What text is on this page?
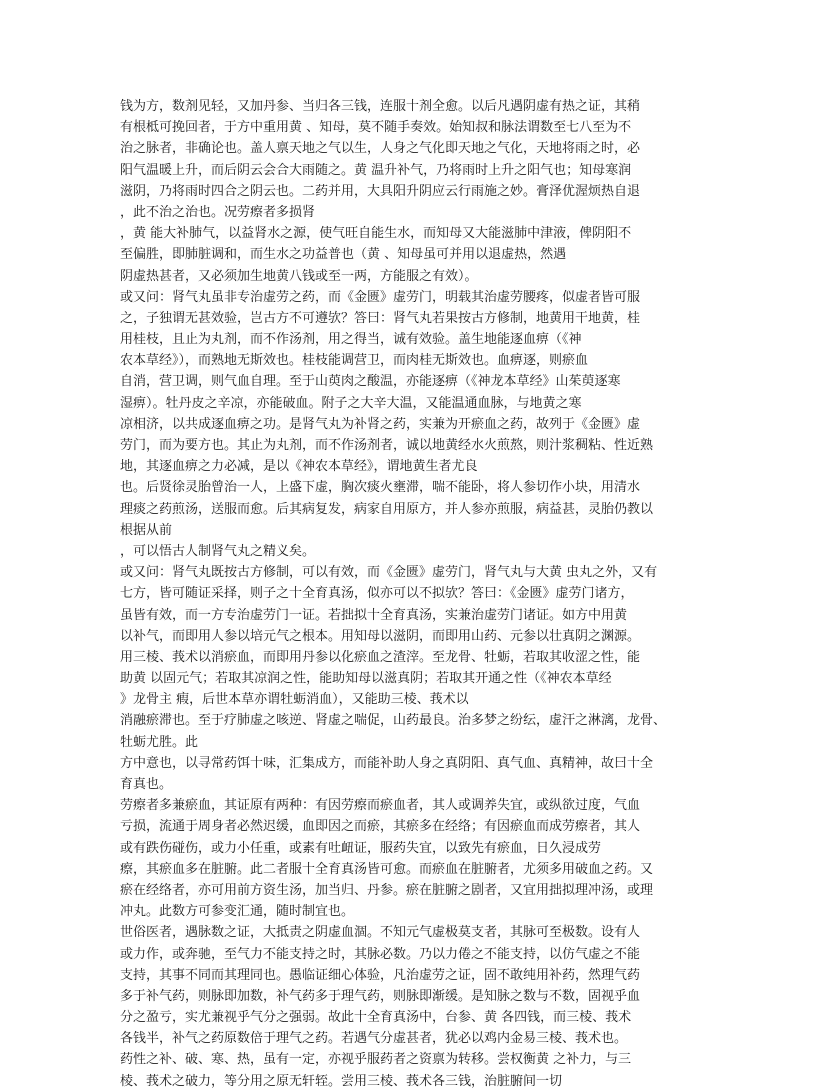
钱为方，数剂见轻，又加丹参、当归各三钱，连服十剂全愈。以后凡遇阴虚有热之证，其稍
有根柢可挽回者，于方中重用黄 、知母，莫不随手奏效。始知叔和脉法谓数至七八至为不
治之脉者，非确论也。盖人禀天地之气以生，人身之气化即天地之气化，天地将雨之时，必
阳气温暖上升，而后阴云会合大雨随之。黄 温升补气，乃将雨时上升之阳气也；知母寒润
滋阴，乃将雨时四合之阴云也。二药并用，大具阳升阴应云行雨施之妙。膏泽优渥烦热自退
，此不治之治也。况劳瘵者多损肾
，黄 能大补肺气，以益肾水之源，使气旺自能生水，而知母又大能滋肺中津液，俾阴阳不
至偏胜，即肺脏调和，而生水之功益普也（黄 、知母虽可并用以退虚热，然遇
阴虚热甚者，又必须加生地黄八钱或至一两，方能服之有效）。
或又问：肾气丸虽非专治虚劳之药，而《金匮》虚劳门，明载其治虚劳腰疼，似虚者皆可服
之，子独谓无甚效验，岂古方不可遵欤？答曰：肾气丸若果按古方修制，地黄用干地黄，桂
用桂枝，且止为丸剂，而不作汤剂，用之得当，诚有效验。盖生地能逐血痹（《神
农本草经》），而熟地无斯效也。桂枝能调营卫，而肉桂无斯效也。血痹逐，则瘀血
自消，营卫调，则气血自理。至于山萸肉之酸温，亦能逐痹（《神龙本草经》山茱萸逐寒
湿痹）。牡丹皮之辛凉，亦能破血。附子之大辛大温，又能温通血脉，与地黄之寒
凉相济，以共成逐血痹之功。是肾气丸为补肾之药，实兼为开瘀血之药，故列于《金匮》虚
劳门，而为要方也。其止为丸剂，而不作汤剂者，诚以地黄经水火煎熬，则汁浆稠粘、性近熟
地，其逐血痹之力必减，是以《神农本草经》，谓地黄生者尤良
也。后贤徐灵胎曾治一人，上盛下虚，胸次痰火壅滞，喘不能卧，将人参切作小块，用清水
理痰之药煎汤，送服而愈。后其病复发，病家自用原方，并人参亦煎服，病益甚，灵胎仍教以
根据从前
，可以悟古人制肾气丸之精义矣。
或又问：肾气丸既按古方修制，可以有效，而《金匮》虚劳门，肾气丸与大黄 虫丸之外，又有
七方，皆可随证采择，则子之十全育真汤，似亦可以不拟欤？答曰：《金匮》虚劳门诸方，
虽皆有效，而一方专治虚劳门一证。若拙拟十全育真汤，实兼治虚劳门诸证。如方中用黄
以补气，而即用人参以培元气之根本。用知母以滋阴，而即用山药、元参以壮真阴之渊源。
用三棱、莪术以消瘀血，而即用丹参以化瘀血之渣滓。至龙骨、牡蛎，若取其收涩之性，能
助黄 以固元气；若取其凉润之性，能助知母以滋真阴；若取其开通之性（《神农本草经
》龙骨主 瘕，后世本草亦谓牡蛎消血），又能助三棱、莪术以
消融瘀滞也。至于疗肺虚之咳逆、肾虚之喘促，山药最良。治多梦之纷纭，虚汗之淋漓，龙骨、
牡蛎尤胜。此
方中意也，以寻常药饵十味，汇集成方，而能补助人身之真阴阳、真气血、真精神，故曰十全
育真也。
劳瘵者多兼瘀血，其证原有两种：有因劳瘵而瘀血者，其人或调养失宜，或纵欲过度，气血
亏损，流通于周身者必然迟缓，血即因之而瘀，其瘀多在经络；有因瘀血而成劳瘵者，其人
或有跌伤碰伤，或力小任重，或素有吐衄证，服药失宜，以致先有瘀血，日久浸成劳
瘵，其瘀血多在脏腑。此二者服十全育真汤皆可愈。而瘀血在脏腑者，尤须多用破血之药。又
瘀在经络者，亦可用前方资生汤，加当归、丹参。瘀在脏腑之剧者，又宜用拙拟理冲汤，或理
冲丸。此数方可参变汇通，随时制宜也。
世俗医者，遇脉数之证，大抵责之阴虚血涸。不知元气虚极莫支者，其脉可至极数。设有人
或力作，或奔驰，至气力不能支持之时，其脉必数。乃以力倦之不能支持，以仿气虚之不能
支持，其事不同而其理同也。愚临证细心体验，凡治虚劳之证，固不敢纯用补药，然理气药
多于补气药，则脉即加数，补气药多于理气药，则脉即渐缓。是知脉之数与不数，固视乎血
分之盈亏，实尤兼视乎气分之强弱。故此十全育真汤中，台参、黄 各四钱，而三棱、莪术
各钱半，补气之药原数倍于理气之药。若遇气分虚甚者，犹必以鸡内金易三棱、莪术也。
药性之补、破、寒、热，虽有一定，亦视乎服药者之资禀为转移。尝权衡黄 之补力，与三
棱、莪术之破力，等分用之原无轩轾。尝用三棱、莪术各三钱，治脏腑间一切
